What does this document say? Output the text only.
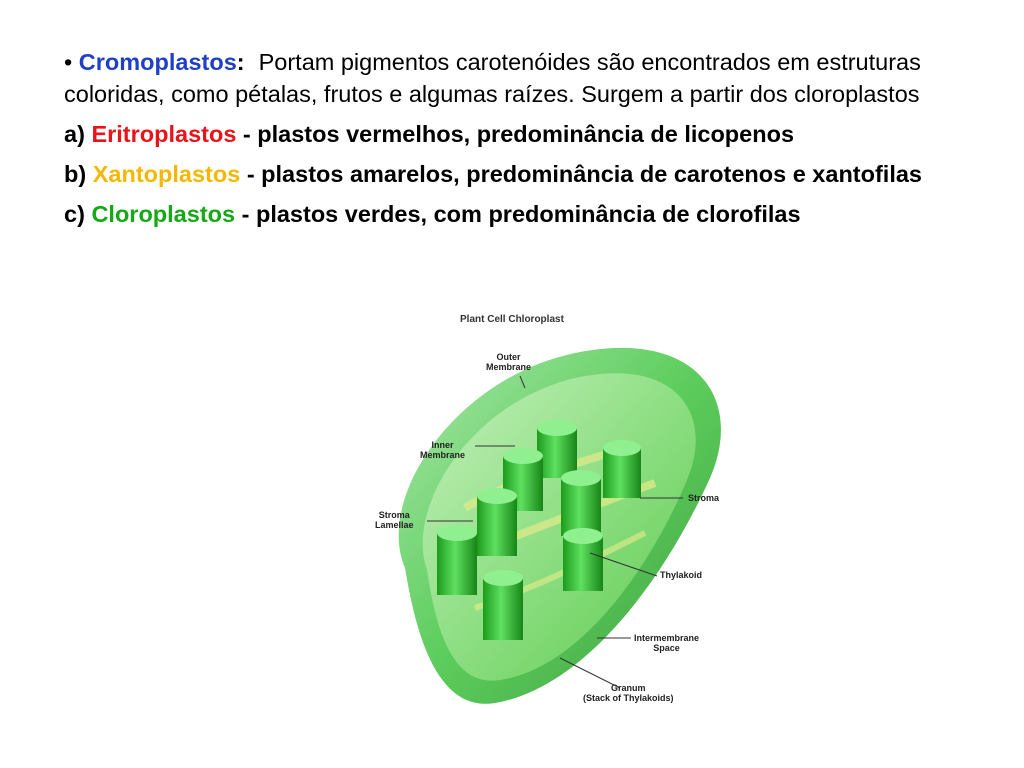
• Cromoplastos: Portam pigmentos carotenóides são encontrados em estruturas coloridas, como pétalas, frutos e algumas raízes. Surgem a partir dos cloroplastos

a) Eritroplastos - plastos vermelhos, predominância de licopenos

b) Xantoplastos - plastos amarelos, predominância de carotenos e xantofilas

c) Cloroplastos - plastos verdes, com predominância de clorofilas

Plant Cell Chloroplast
Outer
Membrane
Inner
Membrane
Stroma
Lamellae
Stroma
Thylakoid
Intermembrane
Space
Granum
(Stack of Thylakoids)
